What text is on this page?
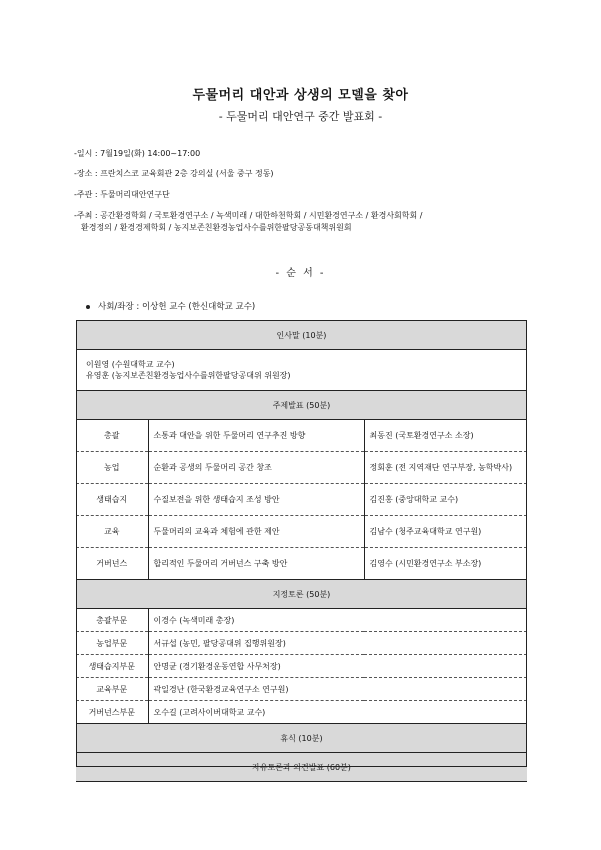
두물머리 대안과 상생의 모델을 찾아
- 두물머리 대안연구 중간 발표회 -
-일시 : 7월19일(화) 14:00~17:00
-장소 : 프란치스코 교육회관 2층 강의실 (서울 중구 정동)
-주관 : 두물머리대안연구단
-주최 : 공간환경학회 / 국토환경연구소 / 녹색미래 / 대한하천학회 / 시민환경연구소 / 환경사회학회 /
환경정의 / 환경경제학회 / 농지보존친환경농업사수를위한팔당공동대책위원회
- 순 서 -
사회/좌장 : 이상헌 교수 (한신대학교 교수)
인사말 (10분)		

이원영 (수원대학교 교수)
유영훈 (농지보존친환경농업사수를위한팔당공대위 위원장)		

주제발표 (50분)		
총괄	소통과 대안을 위한 두물머리 연구추진 방향	최동진 (국토환경연구소 소장)
농업	순환과 공생의 두물머리 공간 창조	정회훈 (전 지역재단 연구부장, 농학박사)
생태습지	수질보전을 위한 생태습지 조성 방안	김진홍 (중앙대학교 교수)
교육	두물머리의 교육과 체험에 관한 제안	김남수 (청주교육대학교 연구원)
거버넌스	합리적인 두물머리 거버넌스 구축 방안	김영수 (시민환경연구소 부소장)
지정토론 (50분)		
총괄부문	이경수 (녹색미래 총장)	
농업부문	서규섭 (농민, 팔당공대위 집행위원장)	
생태습지부문	안명균 (경기환경운동연합 사무처장)	
교육부문	곽일경난 (한국환경교육연구소 연구원)	
거버넌스부문	오수길 (고려사이버대학교 교수)	
휴식 (10분)		
자유토론과 의견발표 (60분)		
